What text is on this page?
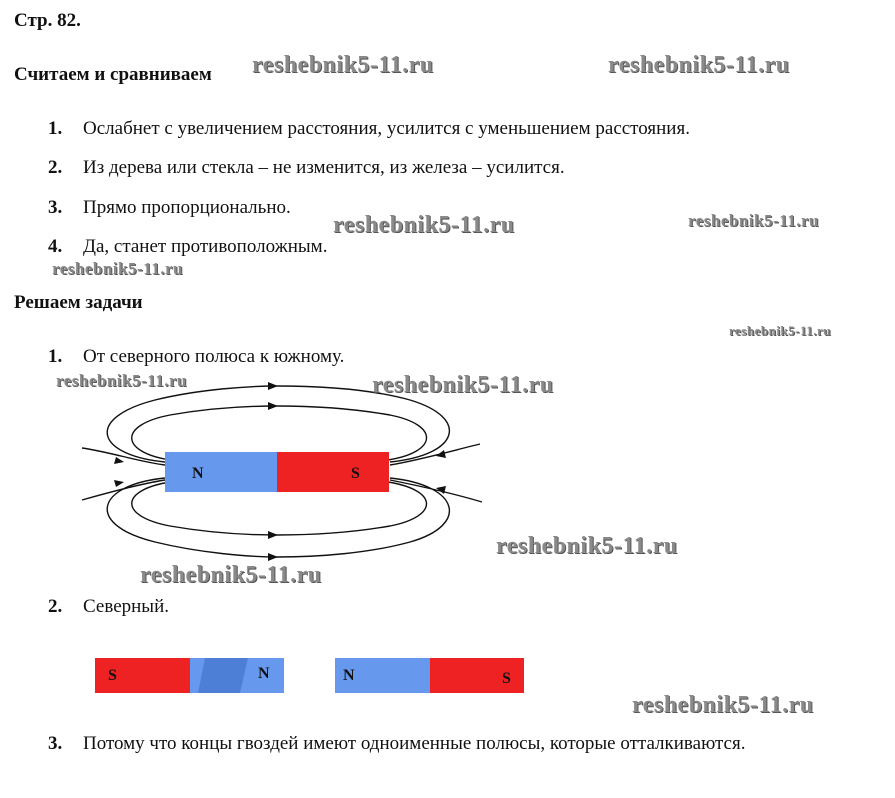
Стр. 82.
Считаем и сравниваем
1. Ослабнет с увеличением расстояния, усилится с уменьшением расстояния.
2. Из дерева или стекла – не изменится, из железа – усилится.
3. Прямо пропорционально.
4. Да, станет противоположным.
Решаем задачи
1. От северного полюса к южному.
N	S
S	N	N	S
2. Северный.
3. Потому что концы гвоздей имеют одноименные полюсы, которые отталкиваются.
reshebnik5-11.ru	reshebnik5-11.ru
reshebnik5-11.ru	reshebnik5-11.ru
reshebnik5-11.ru
reshebnik5-11.ru
reshebnik5-11.ru	reshebnik5-11.ru
reshebnik5-11.ru
reshebnik5-11.ru
reshebnik5-11.ru
